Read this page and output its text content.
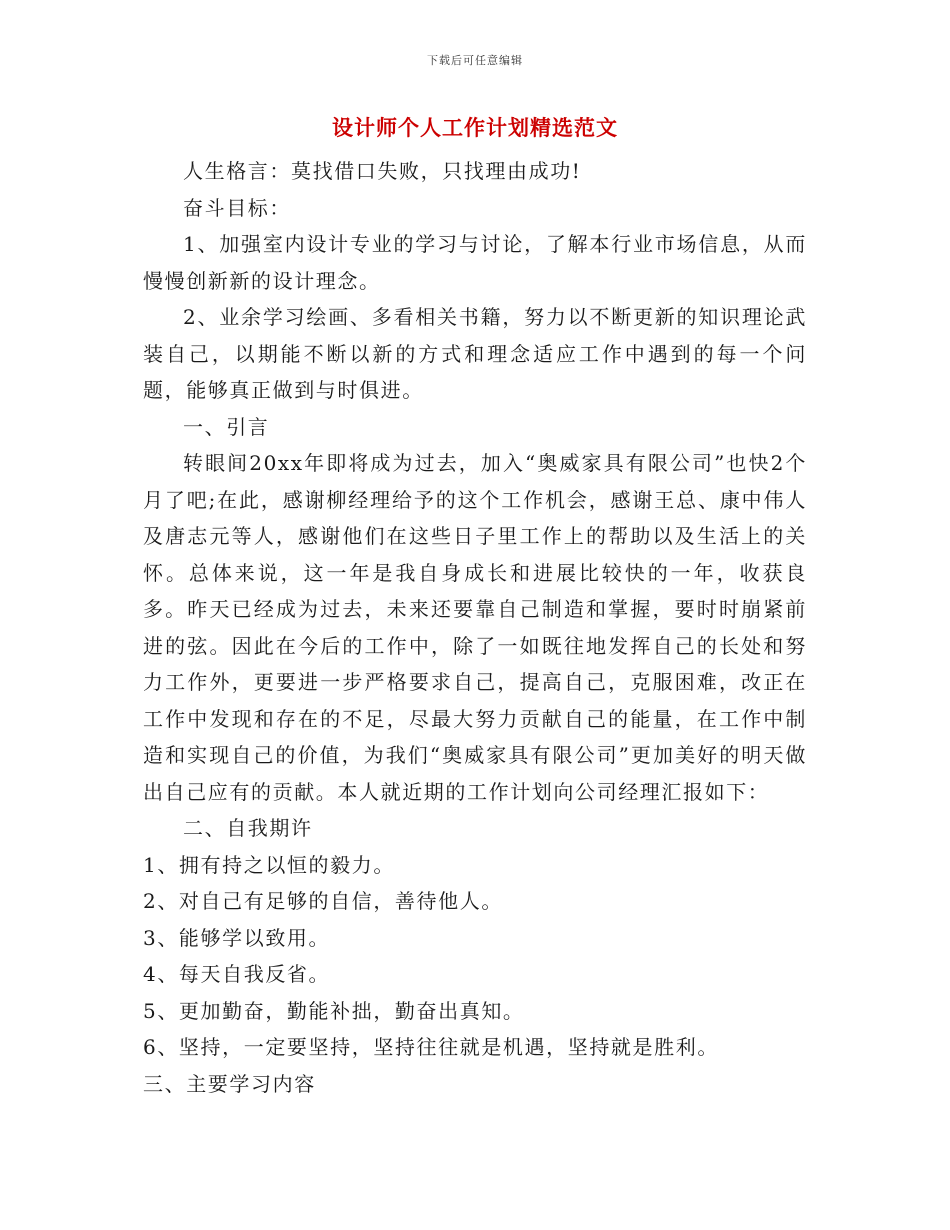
下载后可任意编辑
设计师个人工作计划精选范文

人生格言：莫找借口失败，只找理由成功!

奋斗目标：

1、加强室内设计专业的学习与讨论，了解本行业市场信息，从而慢慢创新新的设计理念。

2、业余学习绘画、多看相关书籍，努力以不断更新的知识理论武装自己，以期能不断以新的方式和理念适应工作中遇到的每一个问题，能够真正做到与时俱进。

一、引言

转眼间20xx年即将成为过去，加入“奥威家具有限公司”也快2个月了吧;在此，感谢柳经理给予的这个工作机会，感谢王总、康中伟人及唐志元等人，感谢他们在这些日子里工作上的帮助以及生活上的关怀。总体来说，这一年是我自身成长和进展比较快的一年，收获良多。昨天已经成为过去，未来还要靠自己制造和掌握，要时时崩紧前进的弦。因此在今后的工作中，除了一如既往地发挥自己的长处和努力工作外，更要进一步严格要求自己，提高自己，克服困难，改正在工作中发现和存在的不足，尽最大努力贡献自己的能量，在工作中制造和实现自己的价值，为我们“奥威家具有限公司”更加美好的明天做出自己应有的贡献。本人就近期的工作计划向公司经理汇报如下：

二、自我期许

1、拥有持之以恒的毅力。

2、对自己有足够的自信，善待他人。

3、能够学以致用。

4、每天自我反省。

5、更加勤奋，勤能补拙，勤奋出真知。

6、坚持，一定要坚持，坚持往往就是机遇，坚持就是胜利。

三、主要学习内容
